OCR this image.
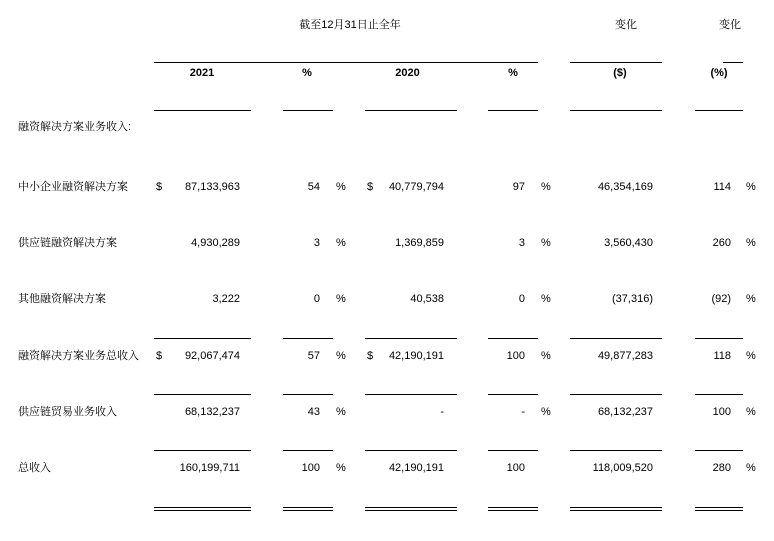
截至12月31日止全年	变化	变化
2021	%	2020	%	($)	(%)
融资解决方案业务收入:
中小企业融资解决方案	$	87,133,963	54 % $	40,779,794	97 %	46,354,169	114 %
供应链融资解决方案	4,930,289	3 %	1,369,859	3 %	3,560,430	260 %
其他融资解决方案	3,222	0 %	40,538	0 %	(37,316)	(92) %
融资解决方案业务总收入	$	92,067,474	57 % $	42,190,191	100 %	49,877,283	118 %
供应链贸易业务收入	68,132,237	43 %	-	- %	68,132,237	100 %
总收入	160,199,711	100 %	42,190,191	100	118,009,520	280 %
